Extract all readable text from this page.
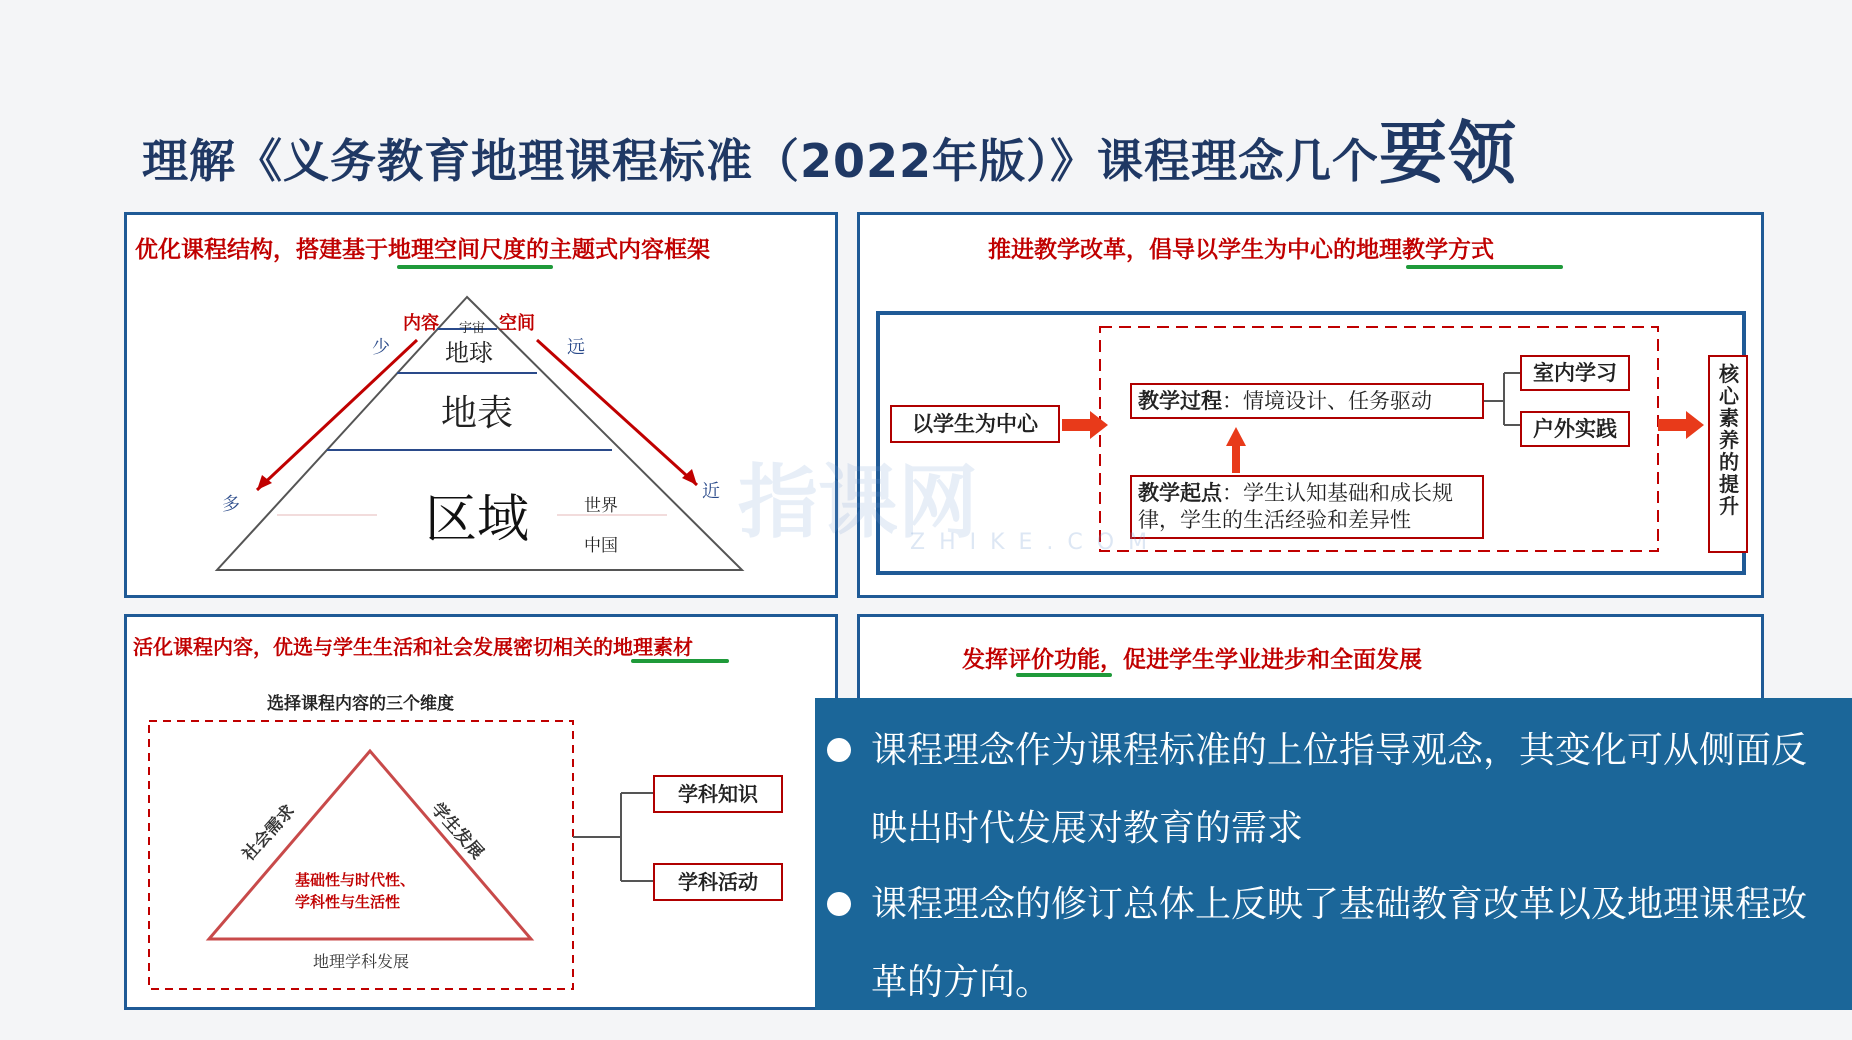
理解《义务教育地理课程标准（2022年版）》课程理念几个要领
优化课程结构，搭建基于地理空间尺度的主题式内容框架
内容	空间
少	远
多
近
宇宙
地球
地表
区域	世界
中国
推进教学改革，倡导以学生为中心的地理教学方式
以学生为中心
教学过程：情境设计、任务驱动
教学起点：学生认知基础和成长规
律，学生的生活经验和差异性
室内学习
户外实践
核心素养的提升
活化课程内容，优选与学生生活和社会发展密切相关的地理素材
选择课程内容的三个维度
社会需求	学生发展
基础性与时代性、
学科性与生活性
地理学科发展
学科知识
学科活动
发挥评价功能，促进学生学业进步和全面发展
指课网
ZHIKE.COM
课程理念作为课程标准的上位指导观念，其变化可从侧面反映出时代发展对教育的需求
课程理念的修订总体上反映了基础教育改革以及地理课程改革的方向。
